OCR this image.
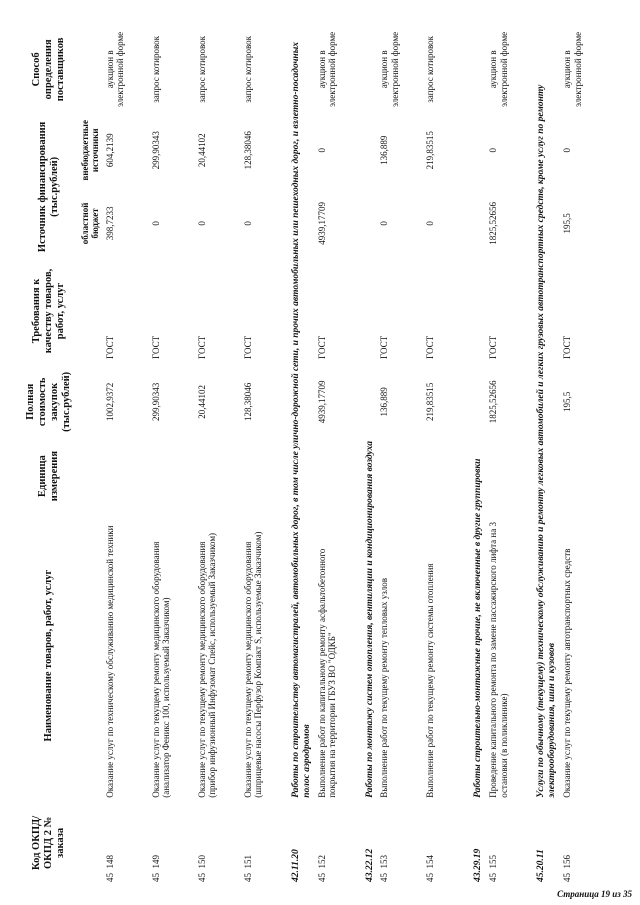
Код ОКПД/ ОКПД 2 № заказа	Наименование товаров, работ, услуг	Единица измерения	Полная стоимость закупок (тыс.рублей)	Требования к качеству товаров, работ, услуг	Источник финансирования (тыс.рублей)		Способ определения поставщиков
					областной бюджет	внебюджетные источники	
45  148	Оказание услуг по техническому обслуживанию медицинской техники		1002,9372	ГОСТ	398,7233	604,2139	аукцион в электронной форме
45  149	Оказание услуг по текущему ремонту медицинского оборудования (анализатор Феникс 100, используемый Заказчиком)		299,90343	ГОСТ	0	299,90343	запрос котировок
45  150	Оказание услуг по текущему ремонту медицинского оборудования (прибор инфузионный Инфузомат Спейс, используемый Заказчиком)		20,44102	ГОСТ	0	20,44102	запрос котировок
45  151	Оказание услуг по текущему ремонту медицинского оборудования (шприцевые насосы Перфузор Компакт S, используемые Заказчиком)		128,38046	ГОСТ	0	128,38046	запрос котировок
42.11.20	Работы по строительству автомагистралей, автомобильных дорог, в том числе улично-дорожной сети, и прочих автомобильных или пешеходных дорог, и взлетно-посадочных полос аэродромов						
45  152	Выполнение работ по капитальному ремонту асфальтобетонного покрытия на территории ГБУЗ ВО "ОДКБ"		4939,17709	ГОСТ	4939,17709	0	аукцион в электронной форме
43.22.12	Работы по монтажу систем отопления, вентиляции и кондиционирования воздуха						
45  153	Выполнение работ по текущему ремонту тепловых узлов		136,889	ГОСТ	0	136,889	аукцион в электронной форме
45  154	Выполнение работ по текущему ремонту системы отопления		219,83515	ГОСТ	0	219,83515	запрос котировок
43.29.19	Работы строительно-монтажные прочие, не включенные в другие группировки						
45  155	Проведение капитального ремонта по замене пассажирского лифта на 3 остановки (в поликлинике)		1825,52656	ГОСТ	1825,52656	0	аукцион в электронной форме
45.20.11	Услуги по обычному (текущему) техническому обслуживанию и ремонту легковых автомобилей и легких грузовых автотранспортных средств, кроме услуг по ремонту электрооборудования, шин и кузовов						
45  156	Оказание услуг по текущему ремонту автотранспортных средств		195,5	ГОСТ	195,5	0	аукцион в электронной форме
Страница 19 из 35
